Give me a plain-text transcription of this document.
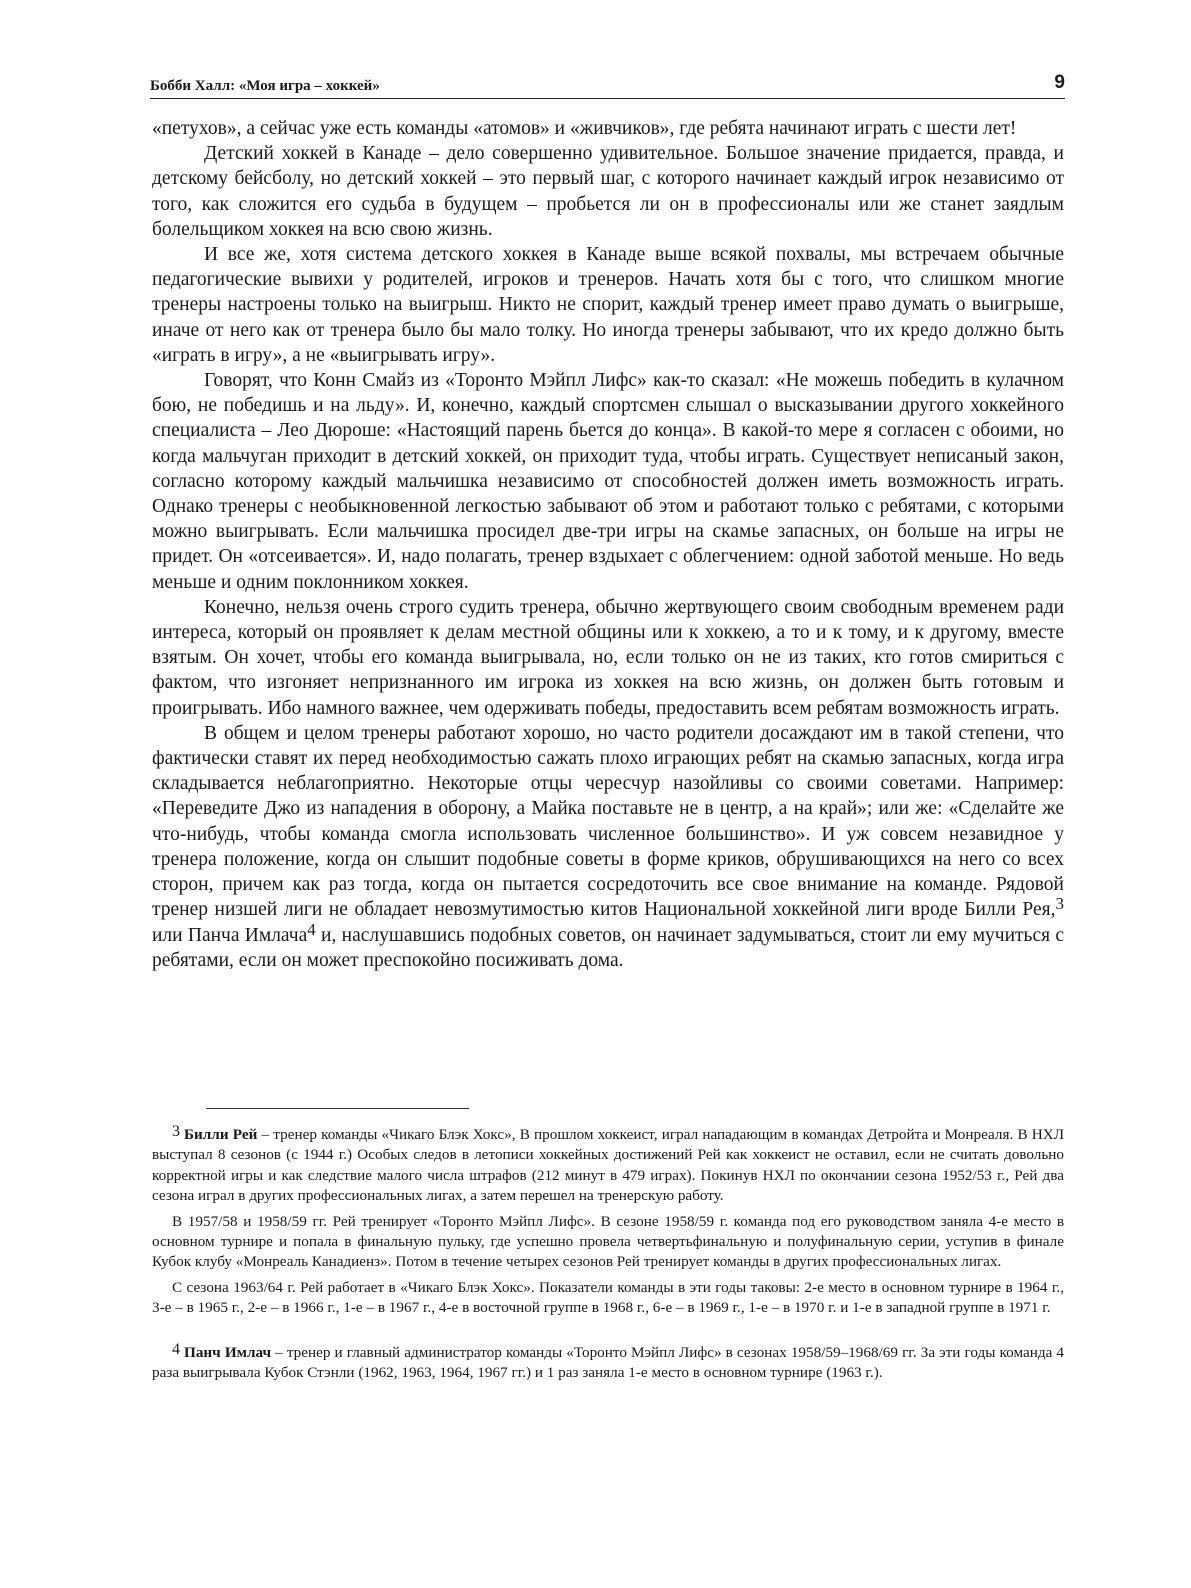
Бобби Халл: «Моя игра – хоккей»	9

«петухов», а сейчас уже есть команды «атомов» и «живчиков», где ребята начинают играть с шести лет!

Детский хоккей в Канаде – дело совершенно удивительное. Большое значение придается, правда, и детскому бейсболу, но детский хоккей – это первый шаг, с которого начинает каждый игрок независимо от того, как сложится его судьба в будущем – пробьется ли он в профессионалы или же станет заядлым болельщиком хоккея на всю свою жизнь.

И все же, хотя система детского хоккея в Канаде выше всякой похвалы, мы встречаем обычные педагогические вывихи у родителей, игроков и тренеров. Начать хотя бы с того, что слишком многие тренеры настроены только на выигрыш. Никто не спорит, каждый тренер имеет право думать о выигрыше, иначе от него как от тренера было бы мало толку. Но иногда тренеры забывают, что их кредо должно быть «играть в игру», а не «выигрывать игру».

Говорят, что Конн Смайз из «Торонто Мэйпл Лифс» как-то сказал: «Не можешь победить в кулачном бою, не победишь и на льду». И, конечно, каждый спортсмен слышал о высказывании другого хоккейного специалиста – Лео Дюроше: «Настоящий парень бьется до конца». В какой-то мере я согласен с обоими, но когда мальчуган приходит в детский хоккей, он приходит туда, чтобы играть. Существует неписаный закон, согласно которому каждый мальчишка независимо от способностей должен иметь возможность играть. Однако тренеры с необыкновенной легкостью забывают об этом и работают только с ребятами, с которыми можно выигрывать. Если мальчишка просидел две-три игры на скамье запасных, он больше на игры не придет. Он «отсеивается». И, надо полагать, тренер вздыхает с облегчением: одной заботой меньше. Но ведь меньше и одним поклонником хоккея.

Конечно, нельзя очень строго судить тренера, обычно жертвующего своим свободным временем ради интереса, который он проявляет к делам местной общины или к хоккею, а то и к тому, и к другому, вместе взятым. Он хочет, чтобы его команда выигрывала, но, если только он не из таких, кто готов смириться с фактом, что изгоняет непризнанного им игрока из хоккея на всю жизнь, он должен быть готовым и проигрывать. Ибо намного важнее, чем одерживать победы, предоставить всем ребятам возможность играть.

В общем и целом тренеры работают хорошо, но часто родители досаждают им в такой степени, что фактически ставят их перед необходимостью сажать плохо играющих ребят на скамью запасных, когда игра складывается неблагоприятно. Некоторые отцы чересчур назойливы со своими советами. Например: «Переведите Джо из нападения в оборону, а Майка поставьте не в центр, а на край»; или же: «Сделайте же что-нибудь, чтобы команда смогла использовать численное большинство». И уж совсем незавидное у тренера положение, когда он слышит подобные советы в форме криков, обрушивающихся на него со всех сторон, причем как раз тогда, когда он пытается сосредоточить все свое внимание на команде. Рядовой тренер низшей лиги не обладает невозмутимостью китов Национальной хоккейной лиги вроде Билли Рея,$^3$ или Панча Имлача$^4$ и, наслушавшись подобных советов, он начинает задумываться, стоит ли ему мучиться с ребятами, если он может преспокойно посиживать дома.

3 Билли Рей – тренер команды «Чикаго Блэк Хокс», В прошлом хоккеист, играл нападающим в командах Детройта и Монреаля. В НХЛ выступал 8 сезонов (с 1944 г.) Особых следов в летописи хоккейных достижений Рей как хоккеист не оставил, если не считать довольно корректной игры и как следствие малого числа штрафов (212 минут в 479 играх). Покинув НХЛ по окончании сезона 1952/53 г., Рей два сезона играл в других профессиональных лигах, а затем перешел на тренерскую работу.

В 1957/58 и 1958/59 гг. Рей тренирует «Торонто Мэйпл Лифс». В сезоне 1958/59 г. команда под его руководством заняла 4-е место в основном турнире и попала в финальную пульку, где успешно провела четвертьфинальную и полуфинальную серии, уступив в финале Кубок клубу «Монреаль Канадиенз». Потом в течение четырех сезонов Рей тренирует команды в других профессиональных лигах.

С сезона 1963/64 г. Рей работает в «Чикаго Блэк Хокс». Показатели команды в эти годы таковы: 2-е место в основном турнире в 1964 г., 3-е – в 1965 г., 2-е – в 1966 г., 1-е – в 1967 г., 4-е в восточной группе в 1968 г., 6-е – в 1969 г., 1-е – в 1970 г. и 1-е в западной группе в 1971 г.

4 Панч Имлач – тренер и главный администратор команды «Торонто Мэйпл Лифс» в сезонах 1958/59–1968/69 гг. За эти годы команда 4 раза выигрывала Кубок Стэнли (1962, 1963, 1964, 1967 гг.) и 1 раз заняла 1-е место в основном турнире (1963 г.).
